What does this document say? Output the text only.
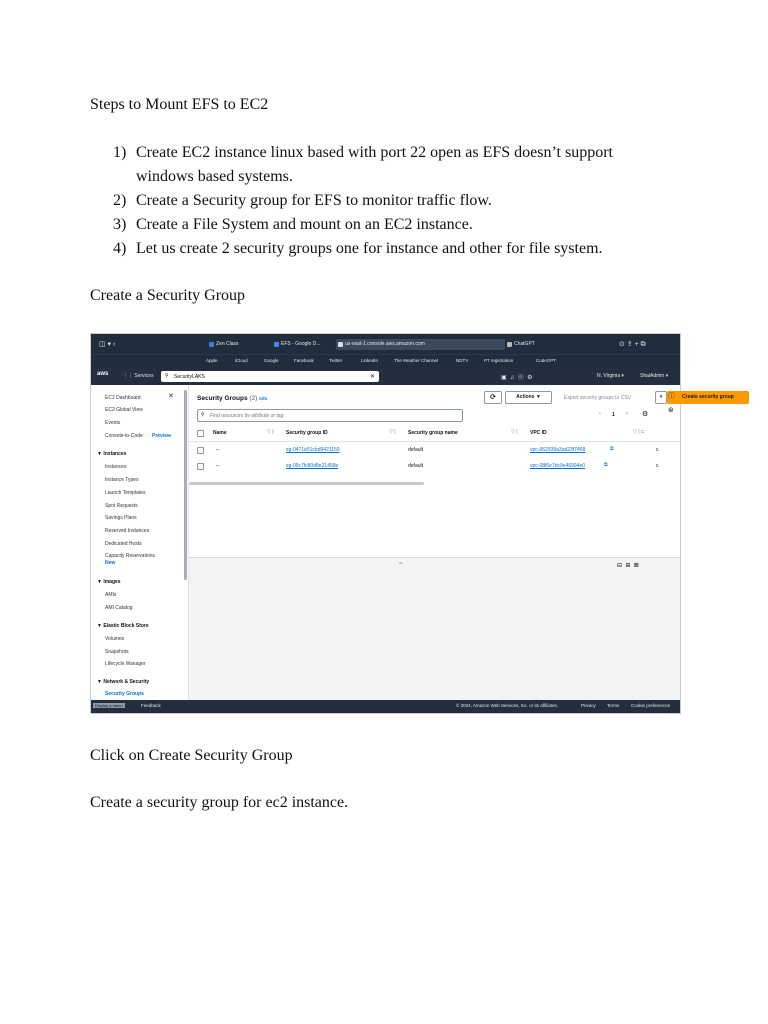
Steps to Mount EFS to EC2
1) Create EC2 instance linux based with port 22 open as EFS doesn’t support windows based systems.
2) Create a Security group for EFS to monitor traffic flow.
3) Create a File System and mount on an EC2 instance.
4) Let us create 2 security groups one for instance and other for file system.
Create a Security Group
◫ ▾ ‹	Zen Class	EFS - Google D...	us-east-1.console.aws.amazon.com	ChatGPT	⊙ ⇪ + ⧉
Apple	iCloud	Google	Facebook	Twitter	LinkedIn	The Weather Channel	NDTV	PT registration	CodeGPT
aws	⋮⋮ Services ⚲ SecurityLAKS	✕	▣  ♫  ⓪  ⚙	N. Virginia ▾	ShaiAdmin ▾
EC2 Dashboard	✕
EC2 Global View
Events
Console-to-Code Preview
▼ Instances
Instances
Instance Types
Launch Templates
Spot Requests
Savings Plans
Reserved Instances
Dedicated Hosts
Capacity Reservations
New
▼ Images
AMIs
AMI Catalog
▼ Elastic Block Store
Volumes
Snapshots
Lifecycle Manager
▼ Network & Security
Security Groups
Security Groups (2) Info	⟳	Actions ▼	Export security groups to CSV	▾	Create security group
⚲ Find resources by attribute or tag	‹ 1 › ⚙
Name	▽ | Security group ID	▽ | Security group name	▽ | VPC ID	▽ | ⊏
–	sg-0471e51cbd9421150	default	vpc-062939a3ad23f7468	⧉	c
–	sg-09c7fc80d8e21458e	default	vpc-08f6e7dc9e46994e0	⧉	c
═	⊟  ⊞  ⊠
ⓘ
⊛
Display a menu	Feedback	© 2024, Amazon Web Services, Inc. or its affiliates.	Privacy Terms	Cookie preferences
Click on Create Security Group
Create a security group for ec2 instance.
